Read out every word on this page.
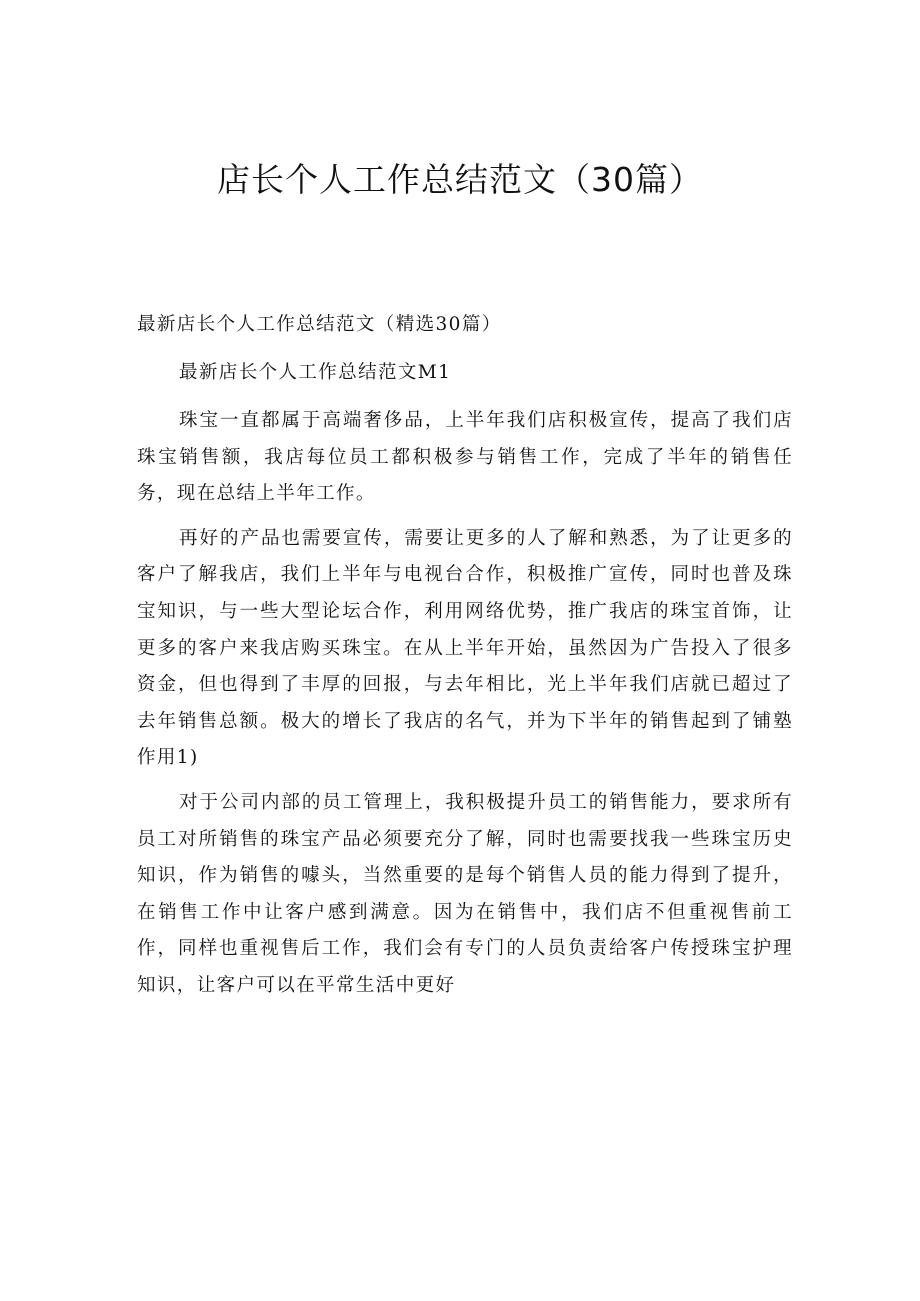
店长个人工作总结范文（30篇）

最新店长个人工作总结范文（精选30篇）

最新店长个人工作总结范文M1

珠宝一直都属于高端奢侈品，上半年我们店积极宣传，提高了我们店珠宝销售额，我店每位员工都积极参与销售工作，完成了半年的销售任务，现在总结上半年工作。

再好的产品也需要宣传，需要让更多的人了解和熟悉，为了让更多的客户了解我店，我们上半年与电视台合作，积极推广宣传，同时也普及珠宝知识，与一些大型论坛合作，利用网络优势，推广我店的珠宝首饰，让更多的客户来我店购买珠宝。在从上半年开始，虽然因为广告投入了很多资金，但也得到了丰厚的回报，与去年相比，光上半年我们店就已超过了去年销售总额。极大的增长了我店的名气，并为下半年的销售起到了铺塾作用1)

对于公司内部的员工管理上，我积极提升员工的销售能力，要求所有员工对所销售的珠宝产品必须要充分了解，同时也需要找我一些珠宝历史知识，作为销售的噱头，当然重要的是每个销售人员的能力得到了提升，在销售工作中让客户感到满意。因为在销售中，我们店不但重视售前工作，同样也重视售后工作，我们会有专门的人员负责给客户传授珠宝护理知识，让客户可以在平常生活中更好
